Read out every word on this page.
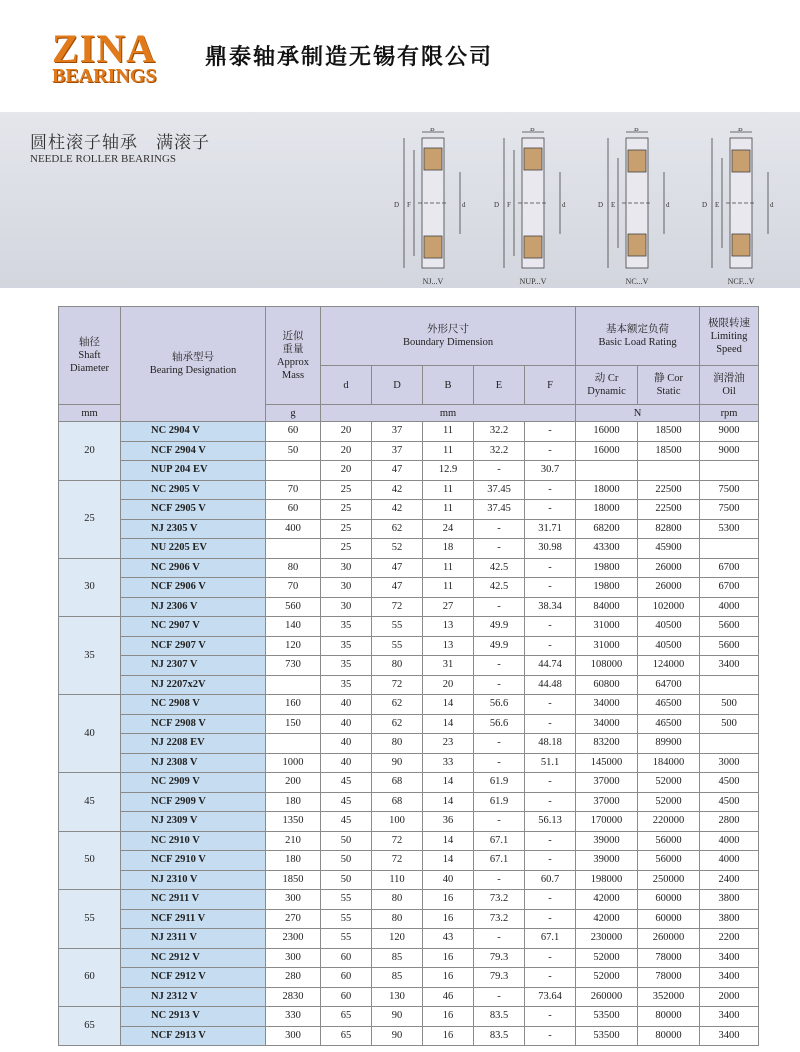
ZINA
BEARINGS
鼎泰轴承制造无锡有限公司
圆柱滚子轴承　满滚子
NEEDLE ROLLER BEARINGS
B
D F	d
NJ...V
B
D F	d
NUP...V
B
D E	d
NC...V
B
D E	d
NCF...V
轴径
Shaft
Diameter	轴承型号
Bearing Designation	近似
重量
Approx
Mass	外形尺寸
Boundary Dimension					基本额定负荷
Basic Load Rating		极限转速
Limiting
Speed
			d	D	B	E	F	动 Cr
Dynamic	静 Cor
Static	润滑油
Oil
mm		g	mm					N		rpm
20	NC 2904 V	60	20	37	11	32.2	-	16000	18500	9000
	NCF 2904 V	50	20	37	11	32.2	-	16000	18500	9000
	NUP 204 EV		20	47	12.9	-	30.7			
25	NC 2905 V	70	25	42	11	37.45	-	18000	22500	7500
	NCF 2905 V	60	25	42	11	37.45	-	18000	22500	7500
	NJ 2305 V	400	25	62	24	-	31.71	68200	82800	5300
	NU 2205 EV		25	52	18	-	30.98	43300	45900	
30	NC 2906 V	80	30	47	11	42.5	-	19800	26000	6700
	NCF 2906 V	70	30	47	11	42.5	-	19800	26000	6700
	NJ 2306 V	560	30	72	27	-	38.34	84000	102000	4000
35	NC 2907 V	140	35	55	13	49.9	-	31000	40500	5600
	NCF 2907 V	120	35	55	13	49.9	-	31000	40500	5600
	NJ 2307 V	730	35	80	31	-	44.74	108000	124000	3400
	NJ 2207x2V		35	72	20	-	44.48	60800	64700	
40	NC 2908 V	160	40	62	14	56.6	-	34000	46500	500
	NCF 2908 V	150	40	62	14	56.6	-	34000	46500	500
	NJ 2208 EV		40	80	23	-	48.18	83200	89900	
	NJ 2308 V	1000	40	90	33	-	51.1	145000	184000	3000
45	NC 2909 V	200	45	68	14	61.9	-	37000	52000	4500
	NCF 2909 V	180	45	68	14	61.9	-	37000	52000	4500
	NJ 2309 V	1350	45	100	36	-	56.13	170000	220000	2800
50	NC 2910 V	210	50	72	14	67.1	-	39000	56000	4000
	NCF 2910 V	180	50	72	14	67.1	-	39000	56000	4000
	NJ 2310 V	1850	50	110	40	-	60.7	198000	250000	2400
55	NC 2911 V	300	55	80	16	73.2	-	42000	60000	3800
	NCF 2911 V	270	55	80	16	73.2	-	42000	60000	3800
	NJ 2311 V	2300	55	120	43	-	67.1	230000	260000	2200
60	NC 2912 V	300	60	85	16	79.3	-	52000	78000	3400
	NCF 2912 V	280	60	85	16	79.3	-	52000	78000	3400
	NJ 2312 V	2830	60	130	46	-	73.64	260000	352000	2000
65	NC 2913 V	330	65	90	16	83.5	-	53500	80000	3400
	NCF 2913 V	300	65	90	16	83.5	-	53500	80000	3400
